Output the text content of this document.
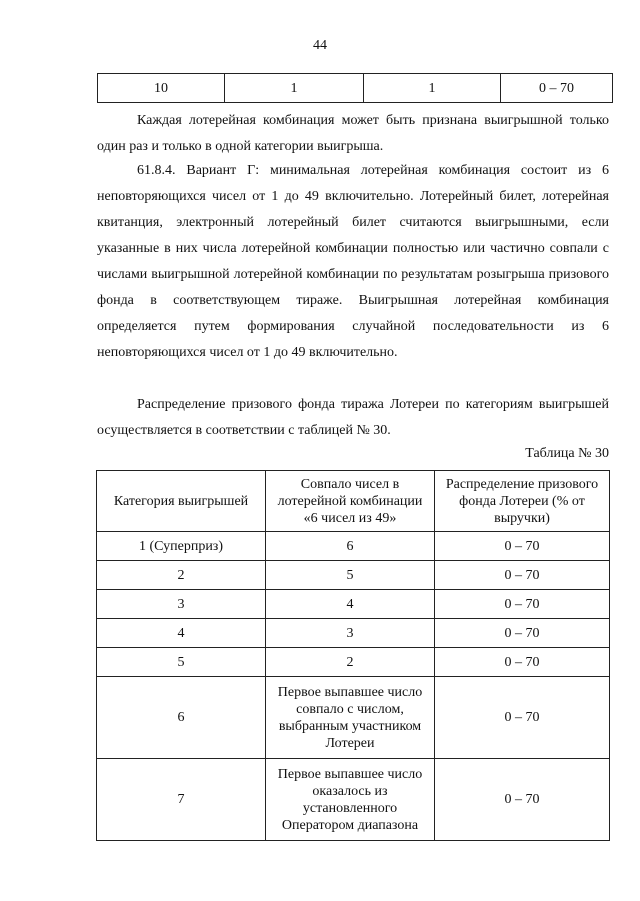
44
10	1	1	0 – 70

Каждая лотерейная комбинация может быть признана выигрышной только один раз и только в одной категории выигрыша.

61.8.4. Вариант Г: минимальная лотерейная комбинация состоит из 6 неповторяющихся чисел от 1 до 49 включительно. Лотерейный билет, лотерейная квитанция, электронный лотерейный билет считаются выигрышными, если указанные в них числа лотерейной комбинации полностью или частично совпали с числами выигрышной лотерейной комбинации по результатам розыгрыша призового фонда в соответствующем тираже. Выигрышная лотерейная комбинация определяется путем формирования случайной последовательности из 6 неповторяющихся чисел от 1 до 49 включительно.

Распределение призового фонда тиража Лотереи по категориям выигрышей осуществляется в соответствии с таблицей № 30.

Таблица № 30
Категория выигрышей	Совпало чисел в лотерейной комбинации «6 чисел из 49»	Распределение призового фонда Лотереи (% от выручки)
1 (Суперприз)	6	0 – 70
2	5	0 – 70
3	4	0 – 70
4	3	0 – 70
5	2	0 – 70
6	Первое выпавшее число совпало с числом, выбранным участником Лотереи	0 – 70
7	Первое выпавшее число оказалось из установленного Оператором диапазона	0 – 70
